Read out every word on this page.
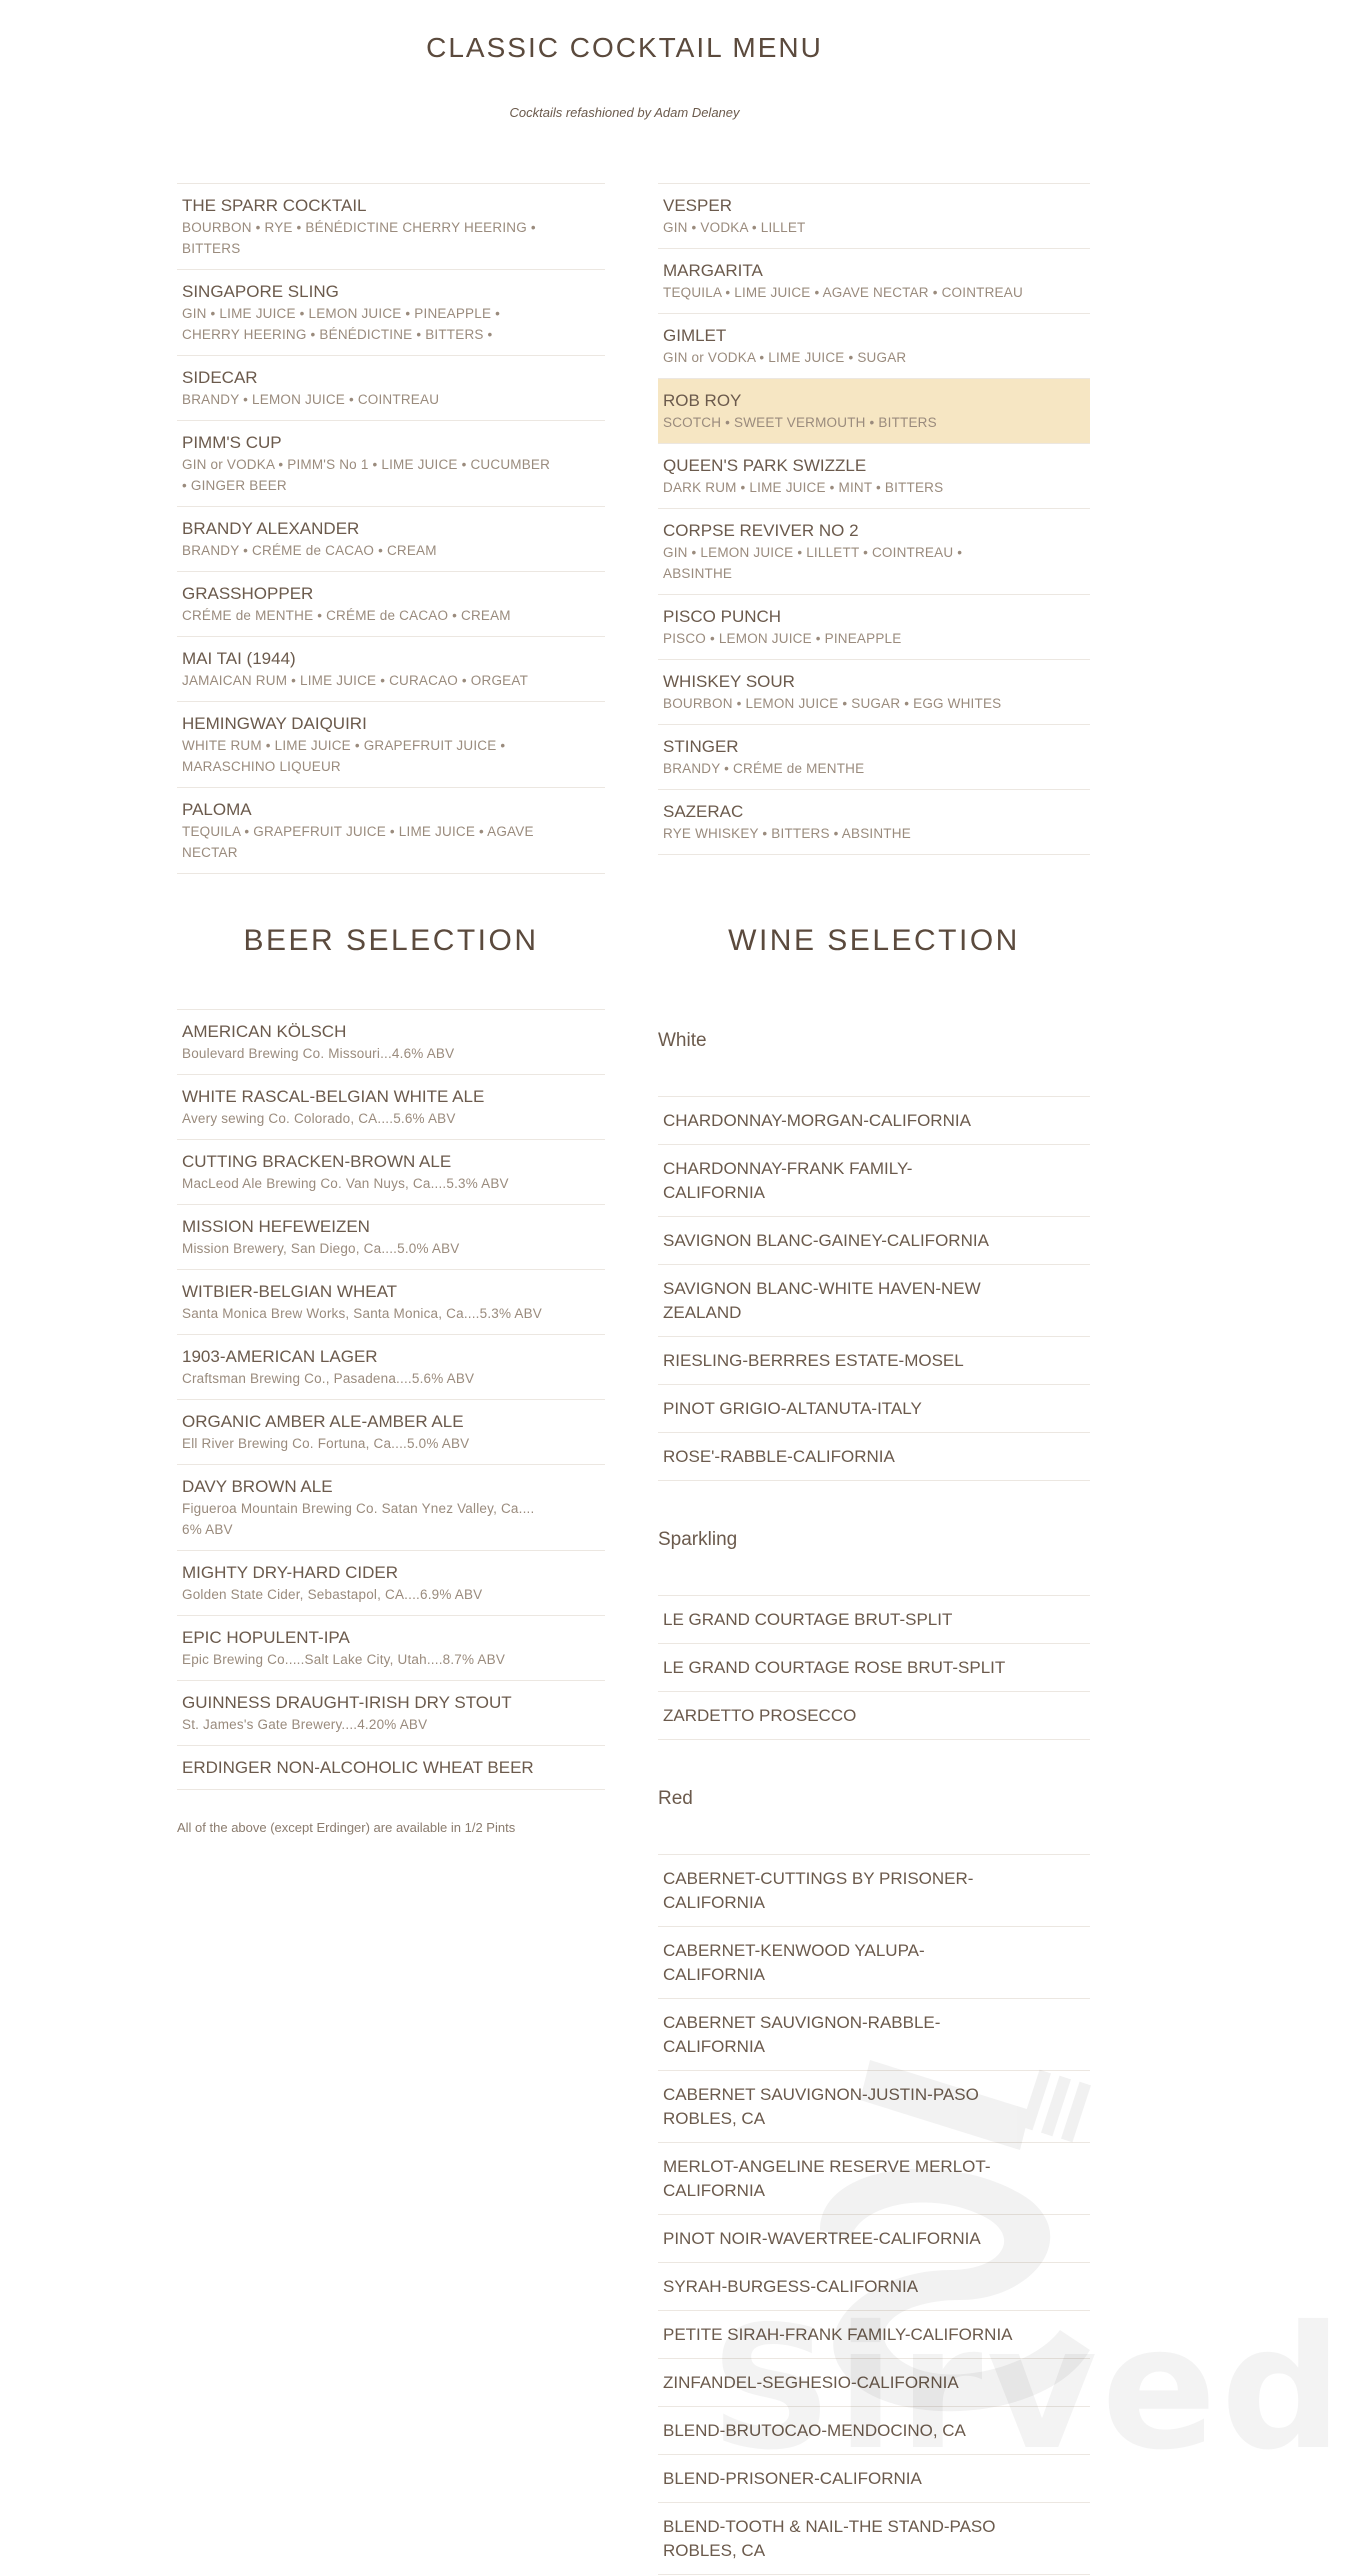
CLASSIC COCKTAIL MENU
Cocktails refashioned by Adam Delaney
THE SPARR COCKTAIL
BOURBON • RYE • BÉNÉDICTINE CHERRY HEERING • BITTERS
SINGAPORE SLING
GIN • LIME JUICE • LEMON JUICE • PINEAPPLE • CHERRY HEERING • BÉNÉDICTINE • BITTERS •
SIDECAR
BRANDY • LEMON JUICE • COINTREAU
PIMM'S CUP
GIN or VODKA • PIMM'S No 1 • LIME JUICE • CUCUMBER • GINGER BEER
BRANDY ALEXANDER
BRANDY • CRÉME de CACAO • CREAM
GRASSHOPPER
CRÉME de MENTHE • CRÉME de CACAO • CREAM
MAI TAI (1944)
JAMAICAN RUM • LIME JUICE • CURACAO • ORGEAT
HEMINGWAY DAIQUIRI
WHITE RUM • LIME JUICE • GRAPEFRUIT JUICE • MARASCHINO LIQUEUR
PALOMA
TEQUILA • GRAPEFRUIT JUICE • LIME JUICE • AGAVE NECTAR
VESPER
GIN • VODKA • LILLET
MARGARITA
TEQUILA • LIME JUICE • AGAVE NECTAR • COINTREAU
GIMLET
GIN or VODKA • LIME JUICE • SUGAR
ROB ROY
SCOTCH • SWEET VERMOUTH • BITTERS
QUEEN'S PARK SWIZZLE
DARK RUM • LIME JUICE • MINT • BITTERS
CORPSE REVIVER NO 2
GIN • LEMON JUICE • LILLETT • COINTREAU • ABSINTHE
PISCO PUNCH
PISCO • LEMON JUICE • PINEAPPLE
WHISKEY SOUR
BOURBON • LEMON JUICE • SUGAR • EGG WHITES
STINGER
BRANDY • CRÉME de MENTHE
SAZERAC
RYE WHISKEY • BITTERS • ABSINTHE
BEER SELECTION	WINE SELECTION
AMERICAN KÖLSCH
Boulevard Brewing Co. Missouri...4.6% ABV
WHITE RASCAL-BELGIAN WHITE ALE
Avery sewing Co. Colorado, CA....5.6% ABV
CUTTING BRACKEN-BROWN ALE
MacLeod Ale Brewing Co. Van Nuys, Ca....5.3% ABV
MISSION HEFEWEIZEN
Mission Brewery, San Diego, Ca....5.0% ABV
WITBIER-BELGIAN WHEAT
Santa Monica Brew Works, Santa Monica, Ca....5.3% ABV
1903-AMERICAN LAGER
Craftsman Brewing Co., Pasadena....5.6% ABV
ORGANIC AMBER ALE-AMBER ALE
Ell River Brewing Co. Fortuna, Ca....5.0% ABV
DAVY BROWN ALE
Figueroa Mountain Brewing Co. Satan Ynez Valley, Ca.... 6% ABV
MIGHTY DRY-HARD CIDER
Golden State Cider, Sebastapol, CA....6.9% ABV
EPIC HOPULENT-IPA
Epic Brewing Co.....Salt Lake City, Utah....8.7% ABV
GUINNESS DRAUGHT-IRISH DRY STOUT
St. James's Gate Brewery....4.20% ABV
ERDINGER NON-ALCOHOLIC WHEAT BEER
All of the above (except Erdinger) are available in 1/2 Pints
White
CHARDONNAY-MORGAN-CALIFORNIA
CHARDONNAY-FRANK FAMILY-CALIFORNIA
SAVIGNON BLANC-GAINEY-CALIFORNIA
SAVIGNON BLANC-WHITE HAVEN-NEW ZEALAND
RIESLING-BERRRES ESTATE-MOSEL
PINOT GRIGIO-ALTANUTA-ITALY
ROSE'-RABBLE-CALIFORNIA
Sparkling
LE GRAND COURTAGE BRUT-SPLIT
LE GRAND COURTAGE ROSE BRUT-SPLIT
ZARDETTO PROSECCO
Red
CABERNET-CUTTINGS BY PRISONER-CALIFORNIA
CABERNET-KENWOOD YALUPA-CALIFORNIA
CABERNET SAUVIGNON-RABBLE-CALIFORNIA
CABERNET SAUVIGNON-JUSTIN-PASO ROBLES, CA
MERLOT-ANGELINE RESERVE MERLOT-CALIFORNIA
PINOT NOIR-WAVERTREE-CALIFORNIA
SYRAH-BURGESS-CALIFORNIA
PETITE SIRAH-FRANK FAMILY-CALIFORNIA
ZINFANDEL-SEGHESIO-CALIFORNIA
BLEND-BRUTOCAO-MENDOCINO, CA
BLEND-PRISONER-CALIFORNIA
BLEND-TOOTH & NAIL-THE STAND-PASO ROBLES, CA
